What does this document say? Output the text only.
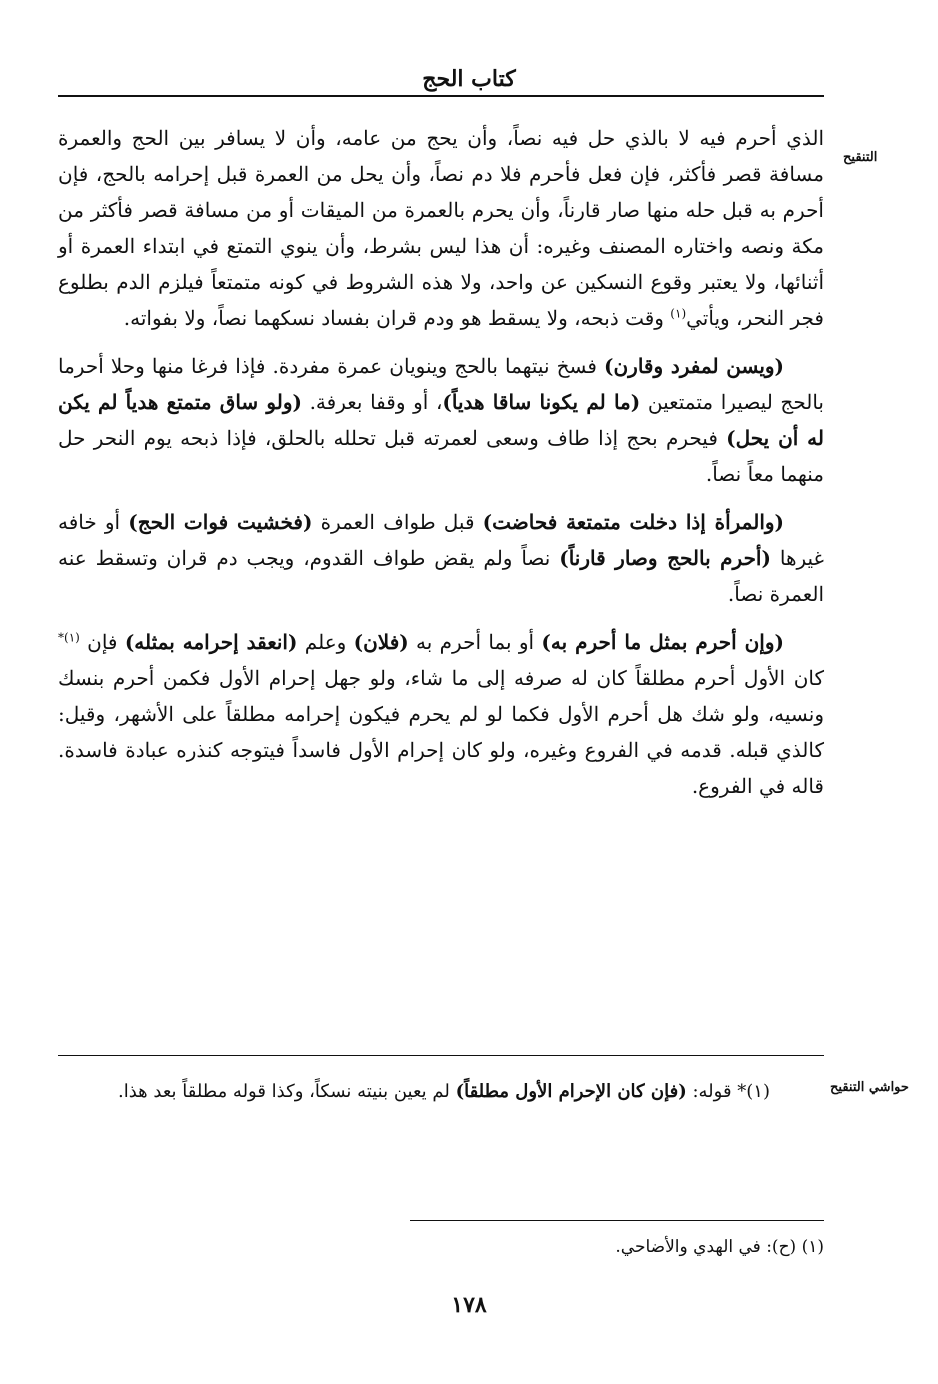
كتاب الحج
التنقيح

الذي أحرم فيه لا بالذي حل فيه نصاً، وأن يحج من عامه، وأن لا يسافر بين الحج والعمرة مسافة قصر فأكثر، فإن فعل فأحرم فلا دم نصاً، وأن يحل من العمرة قبل إحرامه بالحج، فإن أحرم به قبل حله منها صار قارناً، وأن يحرم بالعمرة من الميقات أو من مسافة قصر فأكثر من مكة ونصه واختاره المصنف وغيره: أن هذا ليس بشرط، وأن ينوي التمتع في ابتداء العمرة أو أثنائها، ولا يعتبر وقوع النسكين عن واحد، ولا هذه الشروط في كونه متمتعاً فيلزم الدم بطلوع فجر النحر، ويأتي$^{(١)}$ وقت ذبحه، ولا يسقط هو ودم قران بفساد نسكهما نصاً، ولا بفواته.

(ويسن لمفرد وقارن) فسخ نيتهما بالحج وينويان عمرة مفردة. فإذا فرغا منها وحلا أحرما بالحج ليصيرا متمتعين (ما لم يكونا ساقا هدياً)، أو وقفا بعرفة. (ولو ساق متمتع هدياً لم يكن له أن يحل) فيحرم بحج إذا طاف وسعى لعمرته قبل تحلله بالحلق، فإذا ذبحه يوم النحر حل منهما معاً نصاً.

(والمرأة إذا دخلت متمتعة فحاضت) قبل طواف العمرة (فخشيت فوات الحج) أو خافه غيرها (أحرم بالحج وصار قارناً) نصاً ولم يقض طواف القدوم، ويجب دم قران وتسقط عنه العمرة نصاً.

(وإن أحرم بمثل ما أحرم به) أو بما أحرم به (فلان) وعلم (انعقد إحرامه بمثله) فإن $^{(١)*}$ كان الأول أحرم مطلقاً كان له صرفه إلى ما شاء، ولو جهل إحرام الأول فكمن أحرم بنسك ونسيه، ولو شك هل أحرم الأول فكما لو لم يحرم فيكون إحرامه مطلقاً على الأشهر، وقيل: كالذي قبله. قدمه في الفروع وغيره، ولو كان إحرام الأول فاسداً فيتوجه كنذره عبادة فاسدة. قاله في الفروع.

حواشي التنقيح
(١)* قوله: (فإن كان الإحرام الأول مطلقاً) لم يعين بنيته نسكاً، وكذا قوله مطلقاً بعد هذا.
(١) (ح): في الهدي والأضاحي.
١٧٨
